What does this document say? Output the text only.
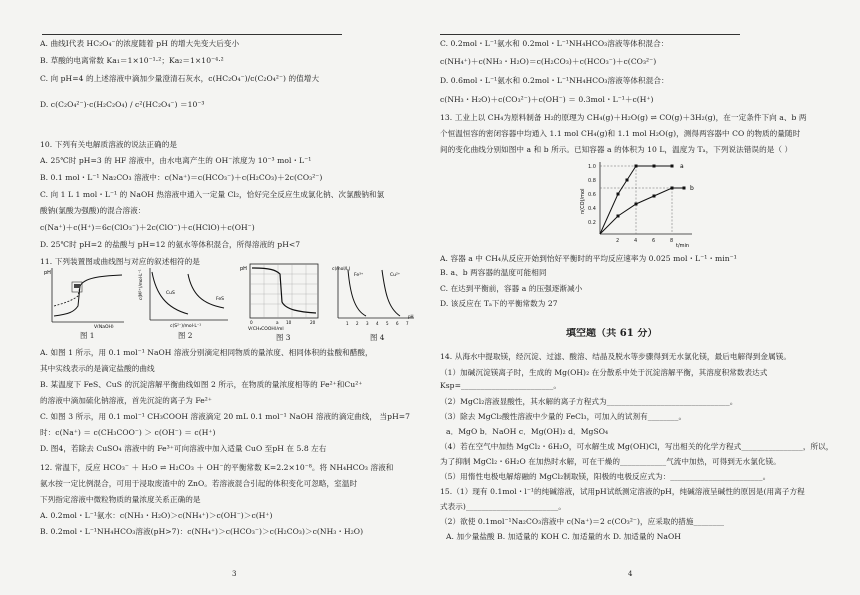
A. 曲线Ⅰ代表 HC₂O₄⁻的浓度随着 pH 的增大先变大后变小
B. 草酸的电离常数 Ka₁＝1×10⁻¹·²；Ka₂＝1×10⁻⁴·²
C. 向 pH=4 的上述溶液中滴加少量澄清石灰水，c(HC₂O₄⁻)/c(C₂O₄²⁻) 的值增大
D. c(C₂O₄²⁻)·c(H₂C₂O₄) / c²(HC₂O₄⁻) ＝10⁻³
10. 下列有关电解质溶液的说法正确的是
A. 25℃时 pH=3 的 HF 溶液中，由水电离产生的 OH⁻浓度为 10⁻³ mol・L⁻¹
B. 0.1 mol・L⁻¹ Na₂CO₃ 溶液中：c(Na⁺)＝c(HCO₃⁻)＋c(H₂CO₃)＋2c(CO₃²⁻)
C. 向 1 L 1 mol・L⁻¹ 的 NaOH 热溶液中通入一定量 Cl₂，恰好完全反应生成氯化钠、次氯酸钠和氯
酸钠(氯酸为强酸)的混合溶液：
c(Na⁺)＋c(H⁺)＝6c(ClO₃⁻)＋2c(ClO⁻)＋c(HClO)＋c(OH⁻)
D. 25℃时 pH=2 的盐酸与 pH=12 的氨水等体积混合，所得溶液的 pH<7
11. 下列装置图或曲线图与对应的叙述相符的是
pH
V(NaOH)
图 1
c(M²⁺)/mol·L⁻¹
c(S²⁻)/mol·L⁻¹
CuS
FeS
图 2
pH
0	a 10	20
V(CH₃COOH)/ml
图 3
c(mol/L)
Fe³⁺	Cu²⁺
1 2 3 4 5 6 7
pH
图 4
A. 如图 1 所示，用 0.1 mol⁻¹ NaOH 溶液分别滴定相同物质的量浓度、相同体积的盐酸和醋酸，
其中实线表示的是滴定盐酸的曲线
B. 某温度下 FeS、CuS 的沉淀溶解平衡曲线如图 2 所示，在物质的量浓度相等的 Fe²⁺和Cu²⁺
的溶液中滴加硫化钠溶液，首先沉淀的离子为 Fe²⁺
C. 如图 3 所示，用 0.1 mol⁻¹ CH₃COOH 溶液滴定 20 mL 0.1 mol⁻¹ NaOH 溶液的滴定曲线， 当pH=7
时：c(Na⁺) ＝ c(CH₃COO⁻) ＞ c(OH⁻) ＝ c(H⁺)
D. 图4，若除去 CuSO₄ 溶液中的 Fe³⁺可向溶液中加入适量 CuO 至pH 在 5.8 左右
12. 常温下，反应 HCO₃⁻ ＋ H₂O ⇌ H₂CO₃ ＋ OH⁻的平衡常数 K=2.2×10⁻⁸。将 NH₄HCO₃ 溶液和
氨水按一定比例混合，可用于浸取废渣中的 ZnO。若溶液混合引起的体积变化可忽略，室温时
下列指定溶液中微粒物质的量浓度关系正确的是
A. 0.2mol・L⁻¹氨水：c(NH₃・H₂O)＞c(NH₄⁺)＞c(OH⁻)＞c(H⁺)
B. 0.2mol・L⁻¹NH₄HCO₃溶液(pH>7)：c(NH₄⁺)＞c(HCO₃⁻)＞c(H₂CO₃)＞c(NH₃・H₂O)
3
C. 0.2mol・L⁻¹氨水和 0.2mol・L⁻¹NH₄HCO₃溶液等体积混合：
c(NH₄⁺)＋c(NH₃・H₂O)＝c(H₂CO₃)＋c(HCO₃⁻)＋c(CO₃²⁻)
D. 0.6mol・L⁻¹氨水和 0.2mol・L⁻¹NH₄HCO₃溶液等体积混合：
c(NH₃・H₂O)＋c(CO₃²⁻)＋c(OH⁻) ＝ 0.3mol・L⁻¹＋c(H⁺)
13. 工业上以 CH₄为原料制备 H₂的原理为 CH₄(g)＋H₂O(g) ⇌ CO(g)＋3H₂(g)，在一定条件下向 a、b 两
个恒温恒容的密闭容器中均通入 1.1 mol CH₄(g)和 1.1 mol H₂O(g)，测得两容器中 CO 的物质的量随时
间的变化曲线分别如图中 a 和 b 所示。已知容器 a 的体积为 10 L，温度为 Tₐ，下列说法错误的是（ ）
1.0
0.8
0.6
0.4
0.2
2	4	6	8
t/min
n(CO)/mol
a
b
A. 容器 a 中 CH₄从反应开始到怡好平衡时的平均反应速率为 0.025 mol・L⁻¹・min⁻¹
B. a、b 两容器的温度可能相同
C. 在达到平衡前，容器 a 的压强逐渐减小
D. 该反应在 Tₐ下的平衡常数为 27
填空题（共 61 分）
14. 从海水中提取镁，经沉淀、过滤、酸溶、结晶及脱水等步骤得到无水氯化镁，最后电解得到金属镁。
（1）加碱沉淀镁离子时，生成的 Mg(OH)₂ 在分散系中处于沉淀溶解平衡，其溶度积常数表达式
Ksp=________________________。
（2）MgCl₂溶液显酸性，其水解的离子方程式为________________________________。
（3）除去 MgCl₂酸性溶液中少量的 FeCl₃，可加入的试剂有________。
a．MgO b．NaOH c．Mg(OH)₂ d．MgSO₄
（4）若在空气中加热 MgCl₂・6H₂O，可水解生成 Mg(OH)Cl，写出相关的化学方程式________________，所以，
为了抑制 MgCl₂・6H₂O 在加热时水解，可在干燥的____________气流中加热，可得到无水氯化镁。
（5）用惰性电极电解熔融的 MgCl₂制取镁，阳极的电极反应式为：________________________。
15.（1）现有 0.1mol・l⁻¹的纯碱溶液，试用pH试纸测定溶液的pH，纯碱溶液呈碱性的原因是(用离子方程
式表示)________________________。
（2）欲使 0.1mol⁻¹Na₂CO₃溶液中 c(Na⁺)＝2 c(CO₃²⁻)，应采取的措施________
A. 加少量盐酸 B. 加适量的 KOH C. 加适量的水 D. 加适量的 NaOH
4
